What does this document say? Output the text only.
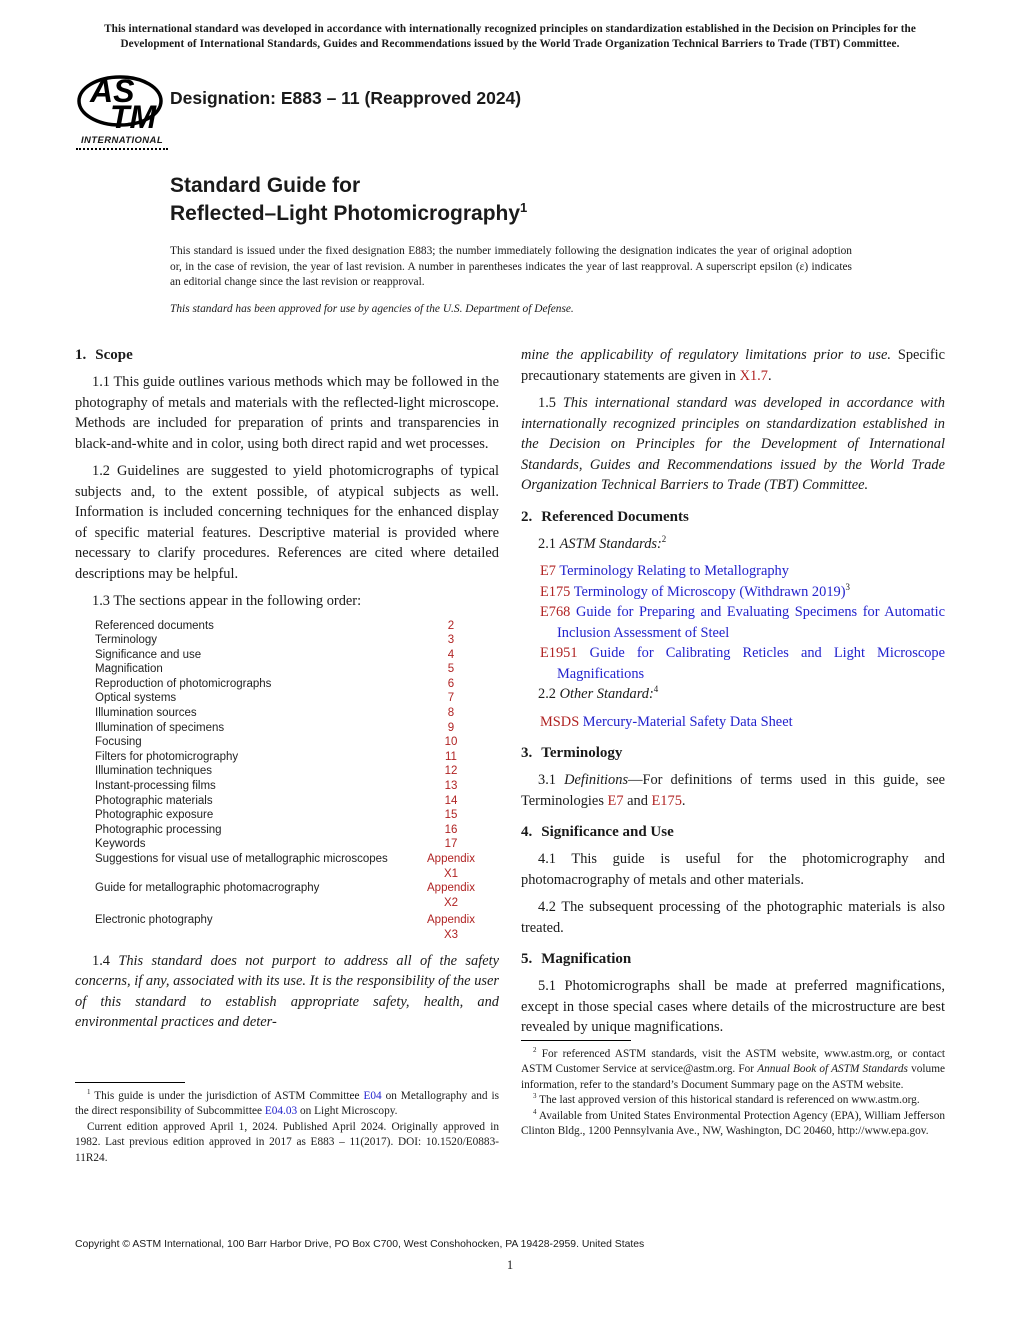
This international standard was developed in accordance with internationally recognized principles on standardization established in the Decision on Principles for the Development of International Standards, Guides and Recommendations issued by the World Trade Organization Technical Barriers to Trade (TBT) Committee.
AS
TM
INTERNATIONAL
Designation: E883 – 11 (Reapproved 2024)
Standard Guide for
Reflected–Light Photomicrography$^1$
This standard is issued under the fixed designation E883; the number immediately following the designation indicates the year of original adoption or, in the case of revision, the year of last revision. A number in parentheses indicates the year of last reapproval. A superscript epsilon (ε) indicates an editorial change since the last revision or reapproval.
This standard has been approved for use by agencies of the U.S. Department of Defense.
1. Scope
1.1 This guide outlines various methods which may be followed in the photography of metals and materials with the reflected-light microscope. Methods are included for preparation of prints and transparencies in black-and-white and in color, using both direct rapid and wet processes.
1.2 Guidelines are suggested to yield photomicrographs of typical subjects and, to the extent possible, of atypical subjects as well. Information is included concerning techniques for the enhanced display of specific material features. Descriptive material is provided where necessary to clarify procedures. References are cited where detailed descriptions may be helpful.
1.3 The sections appear in the following order:
Referenced documents	2
Terminology	3
Significance and use	4
Magnification	5
Reproduction of photomicrographs	6
Optical systems	7
Illumination sources	8
Illumination of specimens	9
Focusing	10
Filters for photomicrography	11
Illumination techniques	12
Instant-processing films	13
Photographic materials	14
Photographic exposure	15
Photographic processing	16
Keywords	17
Suggestions for visual use of metallographic microscopes	Appendix
X1
Guide for metallographic photomacrography	Appendix
X2
Electronic photography	Appendix
X3
1.4 This standard does not purport to address all of the safety concerns, if any, associated with its use. It is the responsibility of the user of this standard to establish appropriate safety, health, and environmental practices and deter-
mine the applicability of regulatory limitations prior to use. Specific precautionary statements are given in X1.7.
1.5 This international standard was developed in accordance with internationally recognized principles on standardization established in the Decision on Principles for the Development of International Standards, Guides and Recommendations issued by the World Trade Organization Technical Barriers to Trade (TBT) Committee.
2. Referenced Documents
2.1 ASTM Standards:$^2$
E7 Terminology Relating to Metallography
E175 Terminology of Microscopy (Withdrawn 2019)$^3$
E768 Guide for Preparing and Evaluating Specimens for Automatic Inclusion Assessment of Steel
E1951 Guide for Calibrating Reticles and Light Microscope Magnifications
2.2 Other Standard:$^4$
MSDS Mercury-Material Safety Data Sheet
3. Terminology
3.1 Definitions—For definitions of terms used in this guide, see Terminologies E7 and E175.
4. Significance and Use
4.1 This guide is useful for the photomicrography and photomacrography of metals and other materials.
4.2 The subsequent processing of the photographic materials is also treated.
5. Magnification
5.1 Photomicrographs shall be made at preferred magnifications, except in those special cases where details of the microstructure are best revealed by unique magnifications.
$^1$ This guide is under the jurisdiction of ASTM Committee E04 on Metallography and is the direct responsibility of Subcommittee E04.03 on Light Microscopy.
Current edition approved April 1, 2024. Published April 2024. Originally approved in 1982. Last previous edition approved in 2017 as E883 – 11(2017). DOI: 10.1520/E0883-11R24.
$^2$ For referenced ASTM standards, visit the ASTM website, www.astm.org, or contact ASTM Customer Service at service@astm.org. For Annual Book of ASTM Standards volume information, refer to the standard’s Document Summary page on the ASTM website.
$^3$ The last approved version of this historical standard is referenced on www.astm.org.
$^4$ Available from United States Environmental Protection Agency (EPA), William Jefferson Clinton Bldg., 1200 Pennsylvania Ave., NW, Washington, DC 20460, http://www.epa.gov.
Copyright © ASTM International, 100 Barr Harbor Drive, PO Box C700, West Conshohocken, PA 19428-2959. United States
1
